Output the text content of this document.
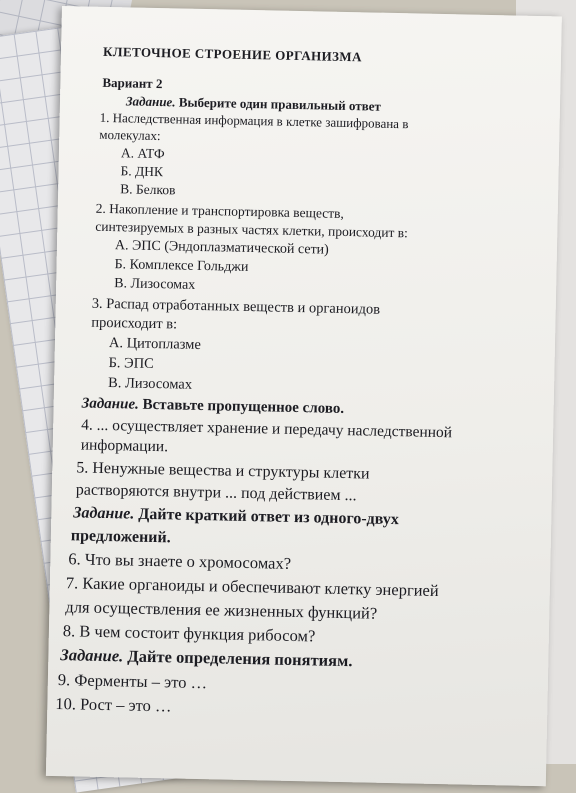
КЛЕТОЧНОЕ СТРОЕНИЕ ОРГАНИЗМА
Вариант 2
Задание. Выберите один правильный ответ
1. Наследственная информация в клетке зашифрована в
молекулах:
А. АТФ
Б. ДНК
В. Белков
2. Накопление и транспортировка веществ,
синтезируемых в разных частях клетки, происходит в:
А. ЭПС (Эндоплазматической сети)
Б. Комплексе Гольджи
В. Лизосомах
3. Распад отработанных веществ и органоидов
происходит в:
А. Цитоплазме
Б. ЭПС
В. Лизосомах
Задание. Вставьте пропущенное слово.
4. ... осуществляет хранение и передачу наследственной
информации.
5. Ненужные вещества и структуры клетки
растворяются внутри ... под действием ...
Задание. Дайте краткий ответ из одного-двух
предложений.
6. Что вы знаете о хромосомах?
7. Какие органоиды и обеспечивают клетку энергией
для осуществления ее жизненных функций?
8. В чем состоит функция рибосом?
Задание. Дайте определения понятиям.
9. Ферменты – это …
10. Рост – это …
